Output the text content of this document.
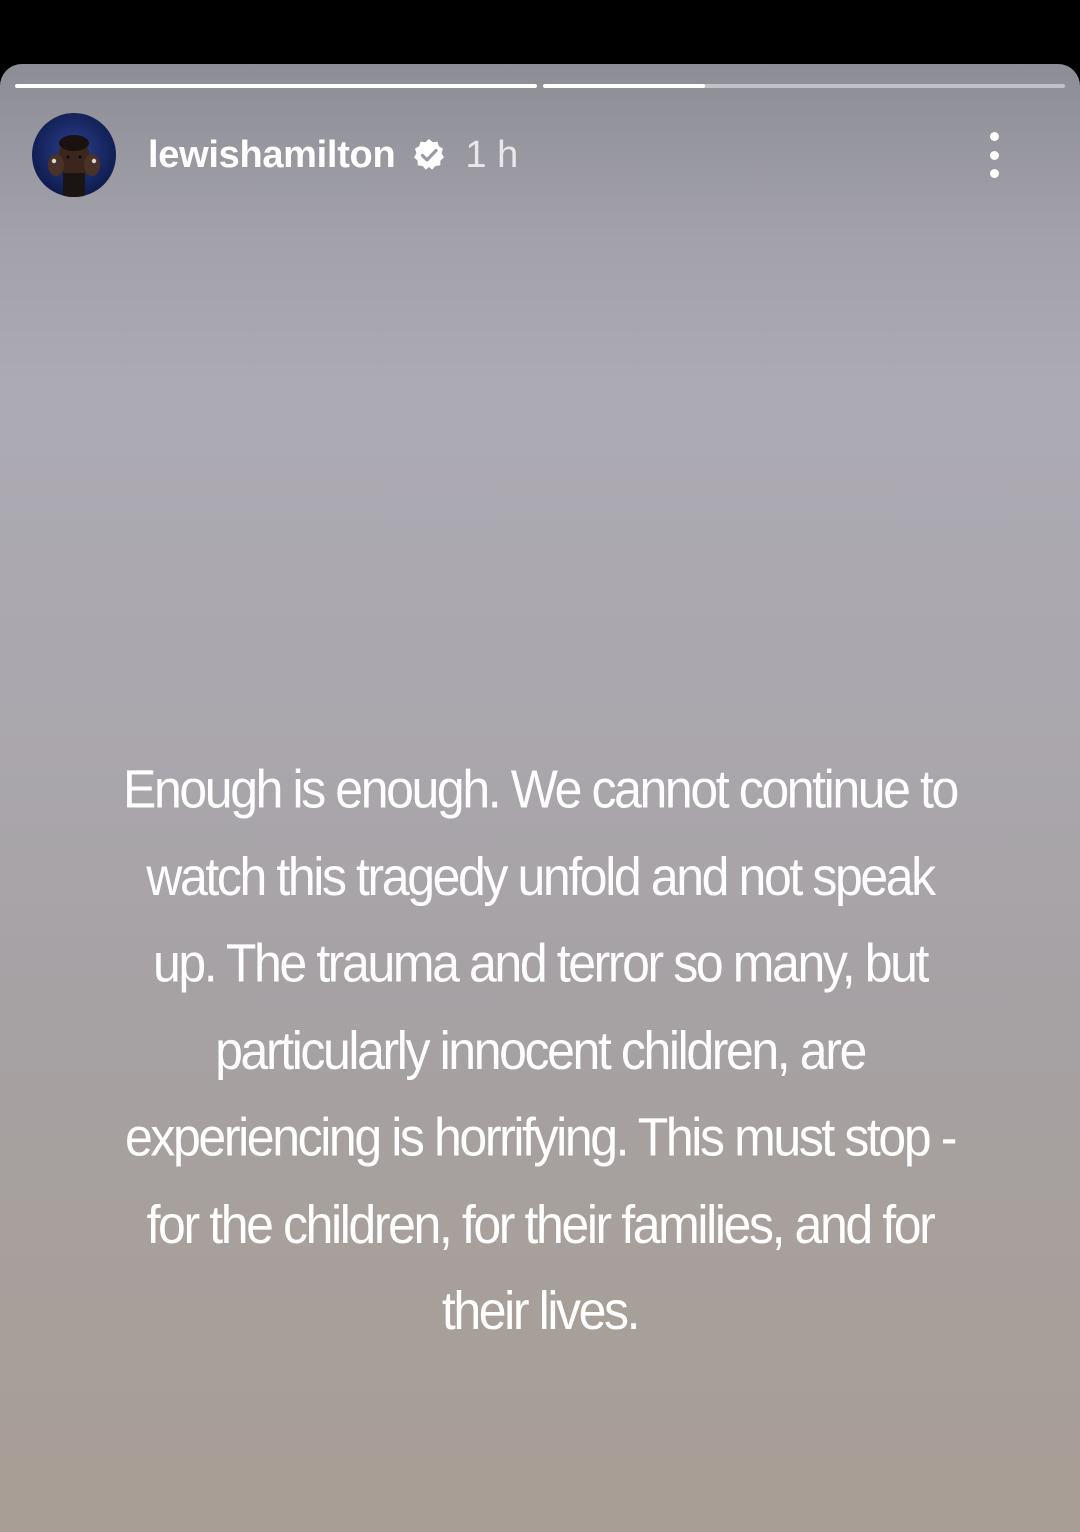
lewishamilton 1 h
Enough is enough. We cannot continue to watch this tragedy unfold and not speak up. The trauma and terror so many, but particularly innocent children, are experiencing is horrifying. This must stop - for the children, for their families, and for their lives.
